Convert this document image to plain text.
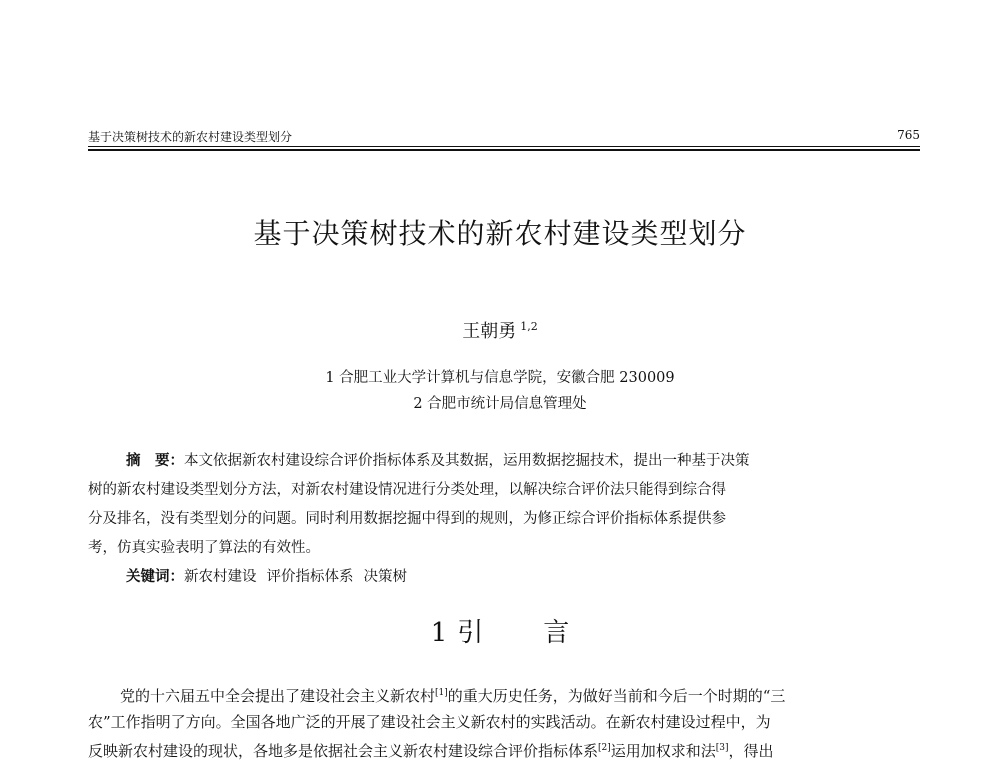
基于决策树技术的新农村建设类型划分	765
基于决策树技术的新农村建设类型划分
王朝勇 $^{1,2}$
1 合肥工业大学计算机与信息学院，安徽合肥 230009
2 合肥市统计局信息管理处
摘　要：本文依据新农村建设综合评价指标体系及其数据，运用数据挖掘技术，提出一种基于决策
树的新农村建设类型划分方法，对新农村建设情况进行分类处理，以解决综合评价法只能得到综合得
分及排名，没有类型划分的问题。同时利用数据挖掘中得到的规则，为修正综合评价指标体系提供参
考，仿真实验表明了算法的有效性。
关键词：新农村建设 评价指标体系 决策树
1 引言
党的十六届五中全会提出了建设社会主义新农村[1]的重大历史任务，为做好当前和今后一个时期的“三
农”工作指明了方向。全国各地广泛的开展了建设社会主义新农村的实践活动。在新农村建设过程中，为
反映新农村建设的现状，各地多是依据社会主义新农村建设综合评价指标体系[2]运用加权求和法[3]，得出
